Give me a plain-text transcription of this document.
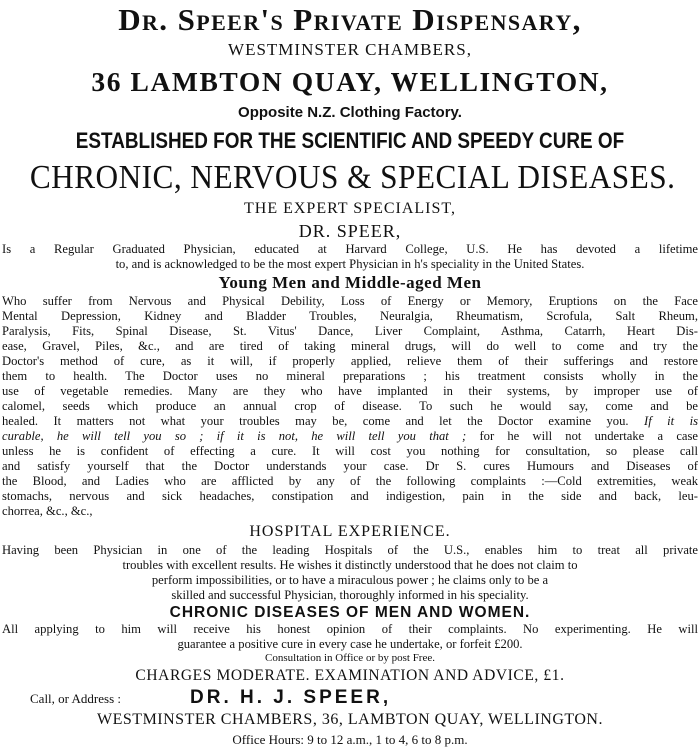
Dr. Speer's Private Dispensary,
WESTMINSTER CHAMBERS,
36 LAMBTON QUAY, WELLINGTON,
Opposite N.Z. Clothing Factory.
ESTABLISHED FOR THE SCIENTIFIC AND SPEEDY CURE OF
CHRONIC, NERVOUS & SPECIAL DISEASES.
THE EXPERT SPECIALIST,
DR. SPEER,
Is a Regular Graduated Physician, educated at Harvard College, U.S. He has devoted a lifetime
to, and is acknowledged to be the most expert Physician in h's speciality in the United States.
Young Men and Middle-aged Men
Who suffer from Nervous and Physical Debility, Loss of Energy or Memory, Eruptions on the Face
Mental Depression, Kidney and Bladder Troubles, Neuralgia, Rheumatism, Scrofula, Salt Rheum,
Paralysis, Fits, Spinal Disease, St. Vitus' Dance, Liver Complaint, Asthma, Catarrh, Heart Dis-
ease, Gravel, Piles, &c., and are tired of taking mineral drugs, will do well to come and try the
Doctor's method of cure, as it will, if properly applied, relieve them of their sufferings and restore
them to health. The Doctor uses no mineral preparations ; his treatment consists wholly in the
use of vegetable remedies. Many are they who have implanted in their systems, by improper use of
calomel, seeds which produce an annual crop of disease. To such he would say, come and be
healed. It matters not what your troubles may be, come and let the Doctor examine you. If it is
curable, he will tell you so ; if it is not, he will tell you that ; for he will not undertake a case
unless he is confident of effecting a cure. It will cost you nothing for consultation, so please call
and satisfy yourself that the Doctor understands your case. Dr S. cures Humours and Diseases of
the Blood, and Ladies who are afflicted by any of the following complaints :—Cold extremities, weak
stomachs, nervous and sick headaches, constipation and indigestion, pain in the side and back, leu-
chorrea, &c., &c.,
HOSPITAL EXPERIENCE.
Having been Physician in one of the leading Hospitals of the U.S., enables him to treat all private
troubles with excellent results. He wishes it distinctly understood that he does not claim to
perform impossibilities, or to have a miraculous power ; he claims only to be a
skilled and successful Physician, thoroughly informed in his speciality.
CHRONIC DISEASES OF MEN AND WOMEN.
All applying to him will receive his honest opinion of their complaints. No experimenting. He will
guarantee a positive cure in every case he undertake, or forfeit £200.
Consultation in Office or by post Free.
CHARGES MODERATE. EXAMINATION AND ADVICE, £1.
Call, or Address :	DR. H. J. SPEER,
WESTMINSTER CHAMBERS, 36, LAMBTON QUAY, WELLINGTON.
Office Hours: 9 to 12 a.m., 1 to 4, 6 to 8 p.m.
